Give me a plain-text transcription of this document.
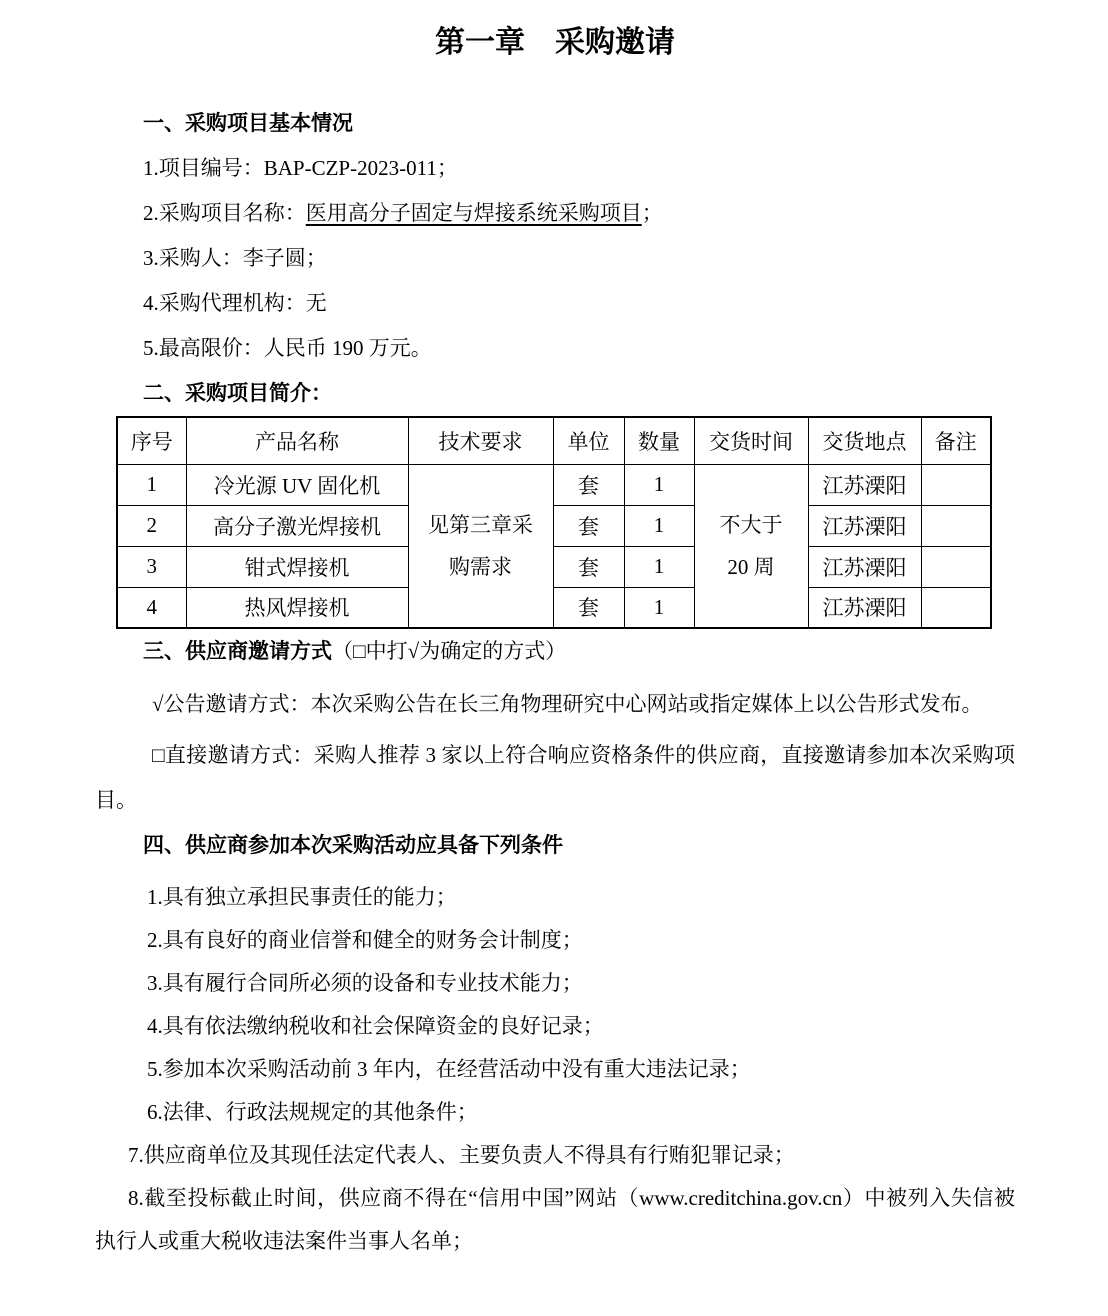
第一章　采购邀请
一、采购项目基本情况

1.项目编号：BAP-CZP-2023-011；

2.采购项目名称：医用高分子固定与焊接系统采购项目；

3.采购人：李子圆；

4.采购代理机构：无

5.最高限价：人民币 190 万元。

二、采购项目简介：
序号	产品名称	技术要求	单位	数量	交货时间	交货地点	备注
1	冷光源 UV 固化机	见第三章采购需求	套	1	不大于 20 周	江苏溧阳	
2	高分子激光焊接机		套	1		江苏溧阳	
3	钳式焊接机		套	1		江苏溧阳	
4	热风焊接机		套	1		江苏溧阳	
三、供应商邀请方式（□中打√为确定的方式）

√公告邀请方式：本次采购公告在长三角物理研究中心网站或指定媒体上以公告形式发布。

□直接邀请方式：采购人推荐 3 家以上符合响应资格条件的供应商，直接邀请参加本次采购项目。

四、供应商参加本次采购活动应具备下列条件

1.具有独立承担民事责任的能力；

2.具有良好的商业信誉和健全的财务会计制度；

3.具有履行合同所必须的设备和专业技术能力；

4.具有依法缴纳税收和社会保障资金的良好记录；

5.参加本次采购活动前 3 年内，在经营活动中没有重大违法记录；

6.法律、行政法规规定的其他条件；

7.供应商单位及其现任法定代表人、主要负责人不得具有行贿犯罪记录；

8.截至投标截止时间，供应商不得在“信用中国”网站（www.creditchina.gov.cn）中被列入失信被执行人或重大税收违法案件当事人名单；
